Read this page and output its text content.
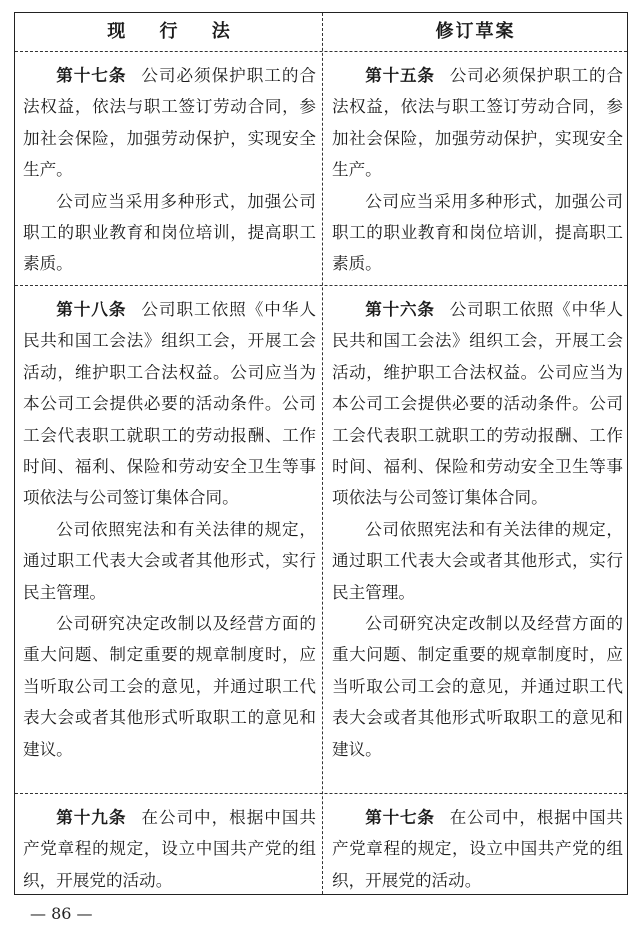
现 行 法	修订草案

第十七条 公司必须保护职工的合法权益，依法与职工签订劳动合同，参加社会保险，加强劳动保护，实现安全生产。

公司应当采用多种形式，加强公司职工的职业教育和岗位培训，提高职工素质。

第十五条 公司必须保护职工的合法权益，依法与职工签订劳动合同，参加社会保险，加强劳动保护，实现安全生产。

公司应当采用多种形式，加强公司职工的职业教育和岗位培训，提高职工素质。

第十八条 公司职工依照《中华人民共和国工会法》组织工会，开展工会活动，维护职工合法权益。公司应当为本公司工会提供必要的活动条件。公司工会代表职工就职工的劳动报酬、工作时间、福利、保险和劳动安全卫生等事项依法与公司签订集体合同。

公司依照宪法和有关法律的规定，通过职工代表大会或者其他形式，实行民主管理。

公司研究决定改制以及经营方面的重大问题、制定重要的规章制度时，应当听取公司工会的意见，并通过职工代表大会或者其他形式听取职工的意见和建议。

第十六条 公司职工依照《中华人民共和国工会法》组织工会，开展工会活动，维护职工合法权益。公司应当为本公司工会提供必要的活动条件。公司工会代表职工就职工的劳动报酬、工作时间、福利、保险和劳动安全卫生等事项依法与公司签订集体合同。

公司依照宪法和有关法律的规定，通过职工代表大会或者其他形式，实行民主管理。

公司研究决定改制以及经营方面的重大问题、制定重要的规章制度时，应当听取公司工会的意见，并通过职工代表大会或者其他形式听取职工的意见和建议。

第十九条 在公司中，根据中国共产党章程的规定，设立中国共产党的组织，开展党的活动。

第十七条 在公司中，根据中国共产党章程的规定，设立中国共产党的组织，开展党的活动。

— 86 —
